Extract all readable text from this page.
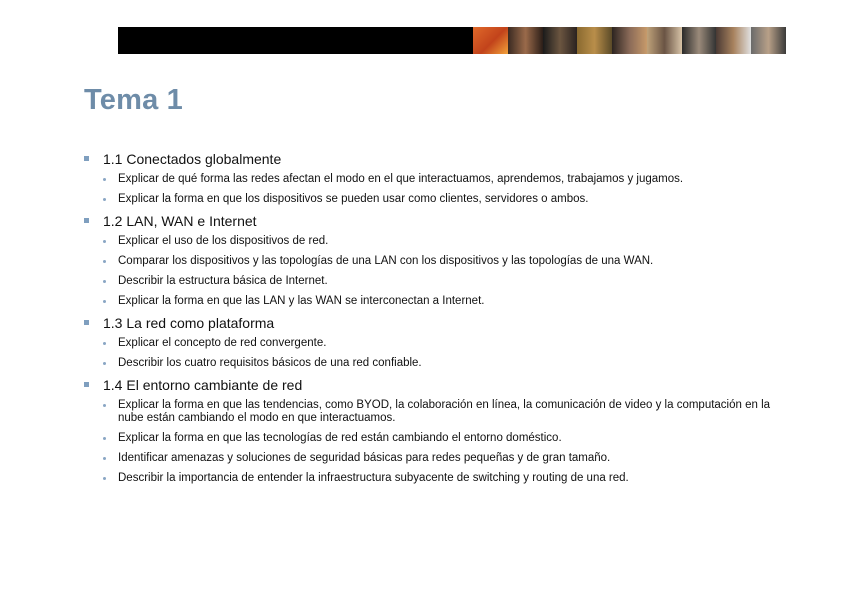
Tema 1
1.1 Conectados globalmente
Explicar de qué forma las redes afectan el modo en el que interactuamos, aprendemos, trabajamos y jugamos.
Explicar la forma en que los dispositivos se pueden usar como clientes, servidores o ambos.
1.2 LAN, WAN e Internet
Explicar el uso de los dispositivos de red.
Comparar los dispositivos y las topologías de una LAN con los dispositivos y las topologías de una WAN.
Describir la estructura básica de Internet.
Explicar la forma en que las LAN y las WAN se interconectan a Internet.
1.3 La red como plataforma
Explicar el concepto de red convergente.
Describir los cuatro requisitos básicos de una red confiable.
1.4 El entorno cambiante de red
Explicar la forma en que las tendencias, como BYOD, la colaboración en línea, la comunicación de video y la computación en la nube están cambiando el modo en que interactuamos.
Explicar la forma en que las tecnologías de red están cambiando el entorno doméstico.
Identificar amenazas y soluciones de seguridad básicas para redes pequeñas y de gran tamaño.
Describir la importancia de entender la infraestructura subyacente de switching y routing de una red.
